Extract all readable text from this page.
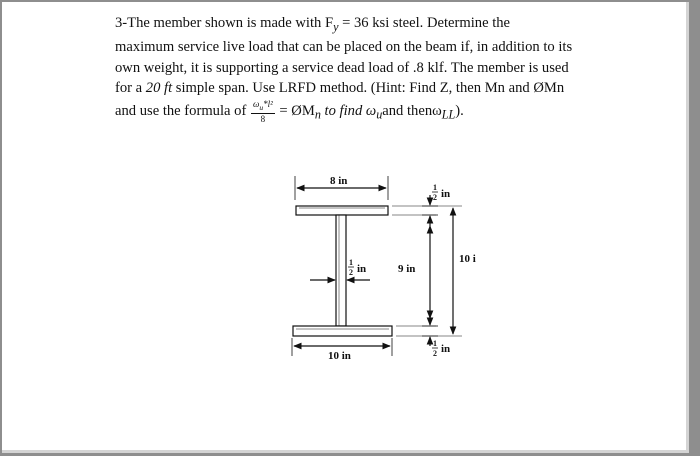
3-The member shown is made with $F_y = 36$ ksi steel. Determine the

maximum service live load that can be placed on the beam if, in addition to its

own weight, it is supporting a service dead load of .8 klf. The member is used

for a 20 ft simple span. Use LRFD method. (Hint: Find Z, then Mn and ØMn

and use the formula of $\frac{\omega_u*l^2}{8}$ = $ØM_n$ to find $\omega_uand$ thenω$_{LL}$).

8 in
10 in
1
2 in	9 in
10 i
1
2 in
1
2 in
